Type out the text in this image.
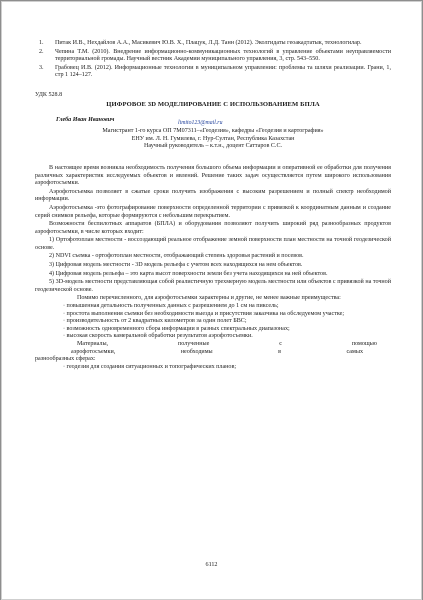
1. Питак И.В., Нехдайлов А.А., Масикевич Ю.В. Х., Плацук, Л.Д. Танн (2012). Эколгидаты геоакадтатык, технологилар.
2. Чепина Т.М. (2010). Внедрение информационно-коммуникационных технологий в управление объектами неуправляемости территориальной громады. Научный вестник Академии муниципального управления, 3, стр. 543–550.
3. Грабовец И.В. (2012). Информационные технологии в муниципальном управлении: проблемы та шляхи реализации. Грани, 1, стр 1 124–127.
УДК 528.8
ЦИФРОВОЕ 3D МОДЕЛИРОВАНИЕ С ИСПОЛЬЗОВАНИЕМ БПЛА
Глеба Иван Иванович	limito123@mail.ru
Магистрант 1-го курса ОП 7М07311–«Геодезия», кафедры «Геодезия и картография»
ЕНУ им. Л. Н. Гумилева, г. Нур-Султан, Республика Казахстан
Научный руководитель – к.т.н., доцент Саттаров С.С.

В настоящее время возникла необходимость получения большого объема информации и оперативной ее обработки для получения различных характеристик исследуемых объектов и явлений. Решение таких задач осуществляется путем широкого использования аэрофотосъемки.

Аэрофотосъемка позволяет в сжатые сроки получить изображения с высоким разрешением и полный спектр необходимой информации.

Аэрофотосъемка -это фотографирование поверхности определенной территории с привязкой к координатным данным и создание серий снимков рельефа, которые формируются с небольшим перекрытием.

Возможности беспилотных аппаратов (БПЛА) и оборудования позволяют получить широкий ряд разнообразных продуктов аэрофотосъемки, в числе которых входит:

1) Ортофотоплан местности - воссоздающий реальное отображение земной поверхности план местности на точной геодезической основе.

2) NDVI съемка - ортофотоплан местности, отображающий степень здоровья растений и посевов.

3) Цифровая модель местности - 3D модель рельефа с учетом всех находящихся на нем объектов.

4) Цифровая модель рельефа – это карта высот поверхности земли без учета находящихся на ней объектов.

5) 3D-модель местности представляющая собой реалистичную трехмерную модель местности или объектов с привязкой на точной геодезической основе.

Помимо перечисленного, для аэрофотосъемки характерны и другие, не менее важные преимущества:

· повышенная детальность полученных данных с разрешением до 1 см на пиксель;

· простота выполнения съемки без необходимости выезда и присутствия заказчика на обследуемом участке;

· производительность от 2 квадратных километров за один полет БВС;

· возможность одновременного сбора информации в разных спектральных диапазонах;

· высокая скорость камеральной обработки результатов аэрофотосъемки.

Материалы,	полученные	с	помощью
аэрофотосъемки,	необходимы	в	самых

разнообразных сферах:

· геодезия для создания ситуационных и топографических планов;

6112
